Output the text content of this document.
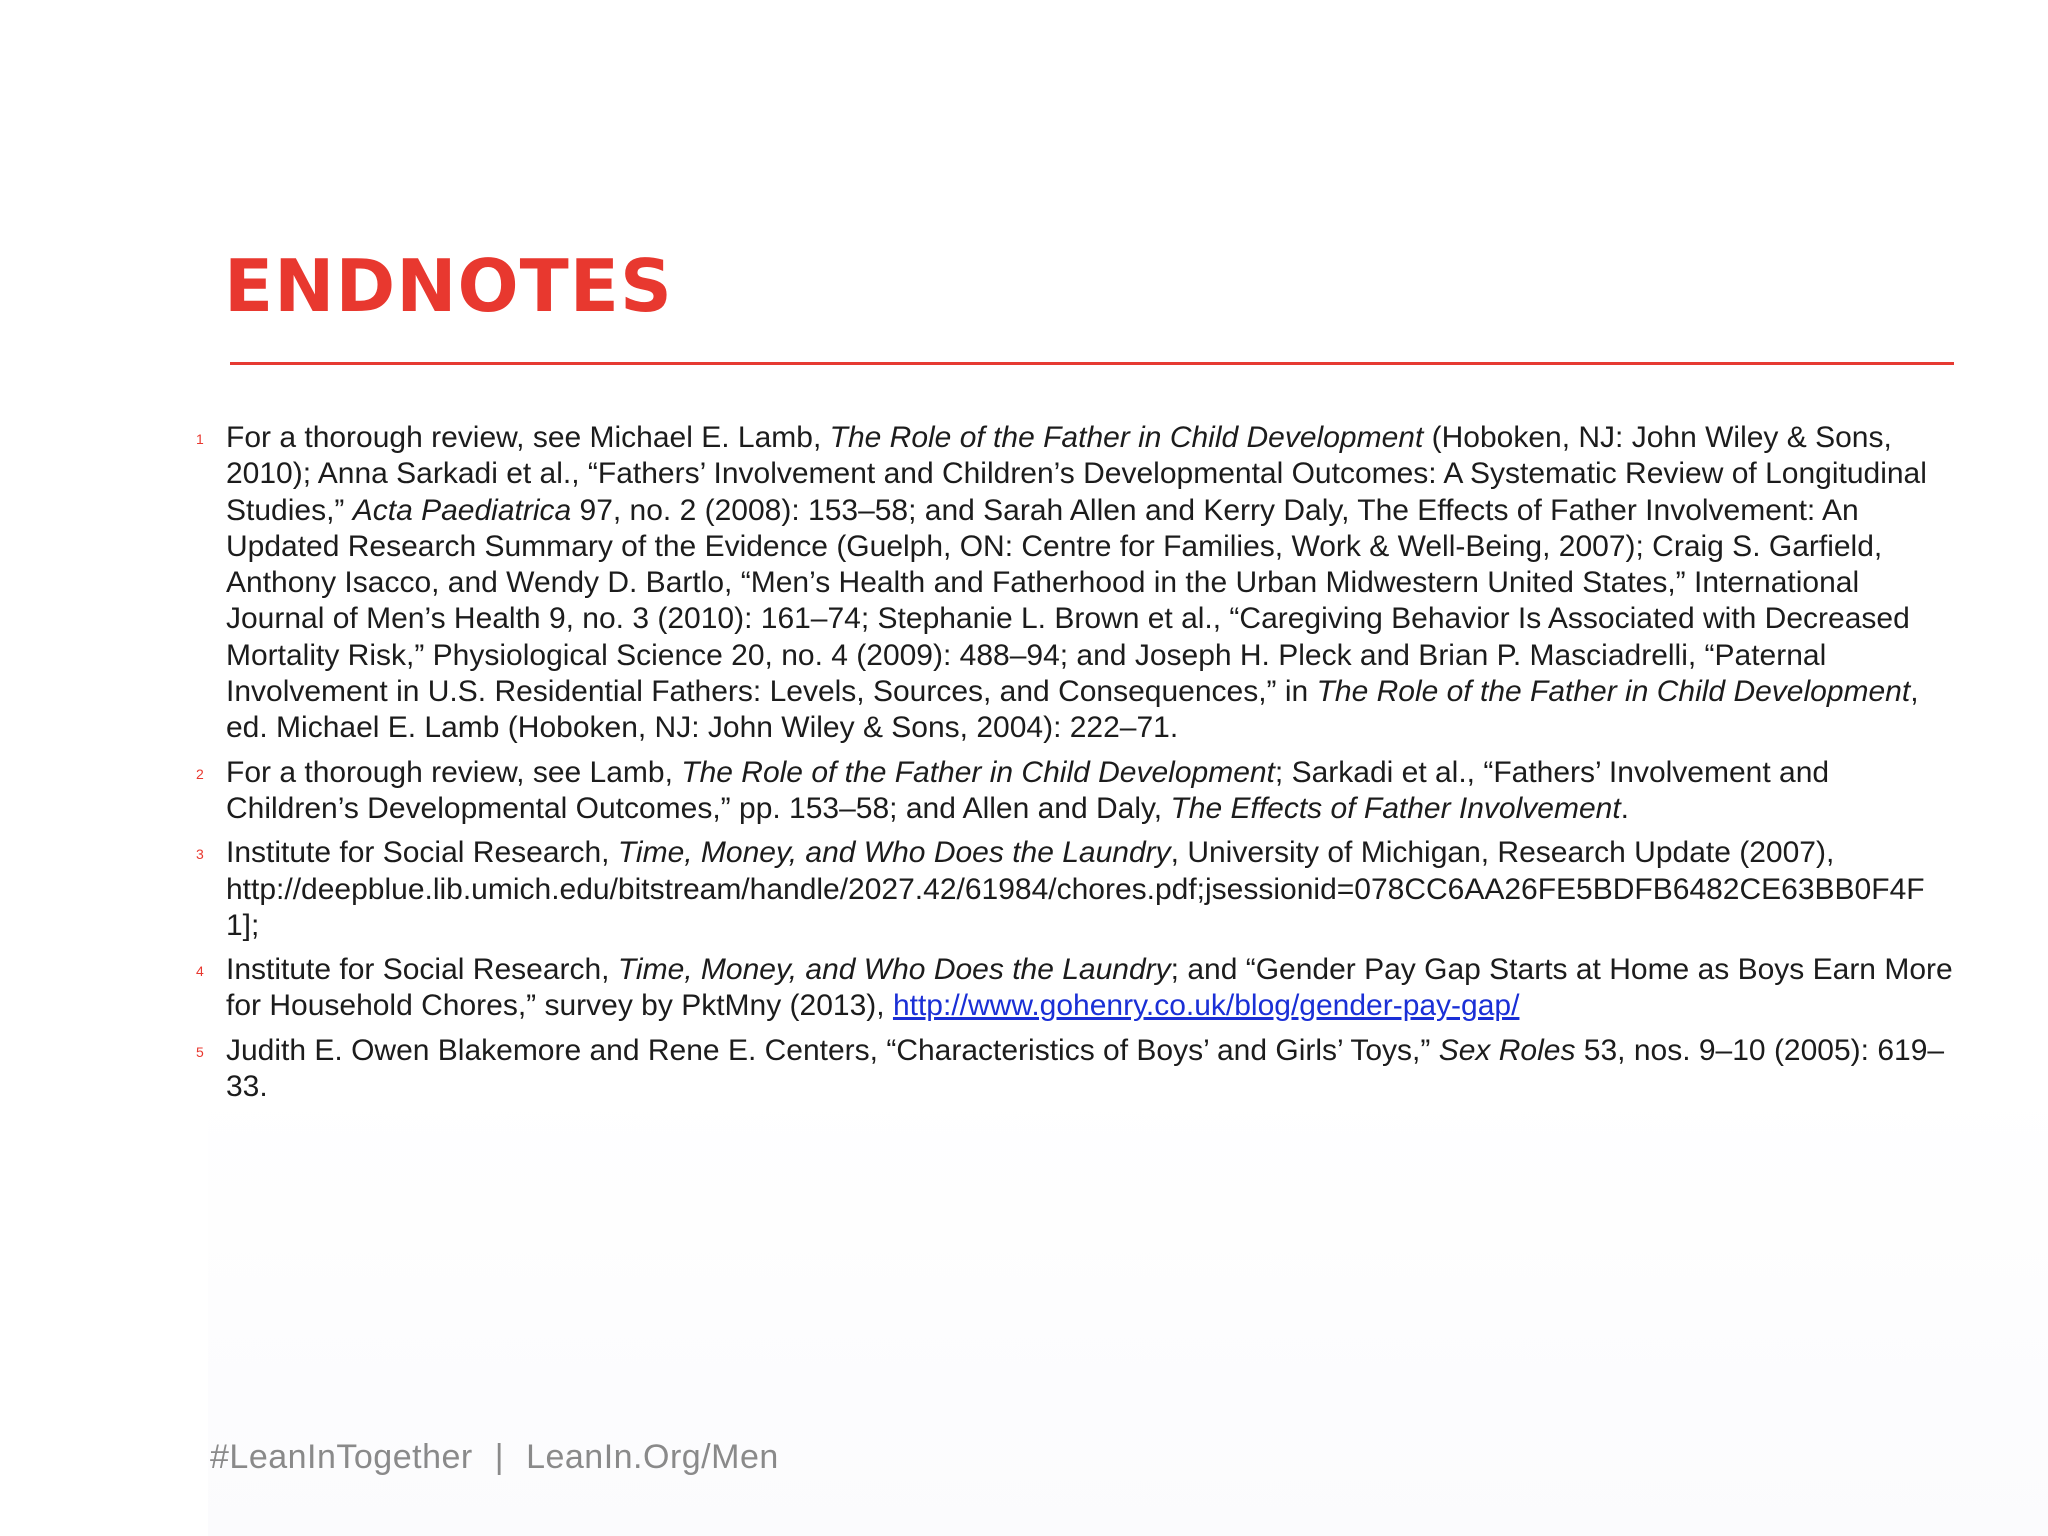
ENDNOTES
1 For a thorough review, see Michael E. Lamb, The Role of the Father in Child Development (Hoboken, NJ: John Wiley & Sons, 2010); Anna Sarkadi et al., “Fathers’ Involvement and Children’s Developmental Outcomes: A Systematic Review of Longitudinal Studies,” Acta Paediatrica 97, no. 2 (2008): 153–58; and Sarah Allen and Kerry Daly, The Effects of Father Involvement: An Updated Research Summary of the Evidence (Guelph, ON: Centre for Families, Work & Well-Being, 2007); Craig S. Garfield, Anthony Isacco, and Wendy D. Bartlo, “Men’s Health and Fatherhood in the Urban Midwestern United States,” International Journal of Men’s Health 9, no. 3 (2010): 161–74; Stephanie L. Brown et al., “Caregiving Behavior Is Associated with Decreased Mortality Risk,” Physiological Science 20, no. 4 (2009): 488–94; and Joseph H. Pleck and Brian P. Masciadrelli, “Paternal Involvement in U.S. Residential Fathers: Levels, Sources, and Consequences,” in The Role of the Father in Child Development, ed. Michael E. Lamb (Hoboken, NJ: John Wiley & Sons, 2004): 222–71.
2 For a thorough review, see Lamb, The Role of the Father in Child Development; Sarkadi et al., “Fathers’ Involvement and Children’s Developmental Outcomes,” pp. 153–58; and Allen and Daly, The Effects of Father Involvement.
3 Institute for Social Research, Time, Money, and Who Does the Laundry, University of Michigan, Research Update (2007),
http://deepblue.lib.umich.edu/bitstream/handle/2027.42/61984/chores.pdf;jsessionid=078CC6AA26FE5BDFB6482CE63BB0F4F1];
4 Institute for Social Research, Time, Money, and Who Does the Laundry; and “Gender Pay Gap Starts at Home as Boys Earn More for Household Chores,” survey by PktMny (2013), http://www.gohenry.co.uk/blog/gender-pay-gap/
5 Judith E. Owen Blakemore and Rene E. Centers, “Characteristics of Boys’ and Girls’ Toys,” Sex Roles 53, nos. 9–10 (2005): 619–33.
#LeanInTogether | LeanIn.Org/Men
